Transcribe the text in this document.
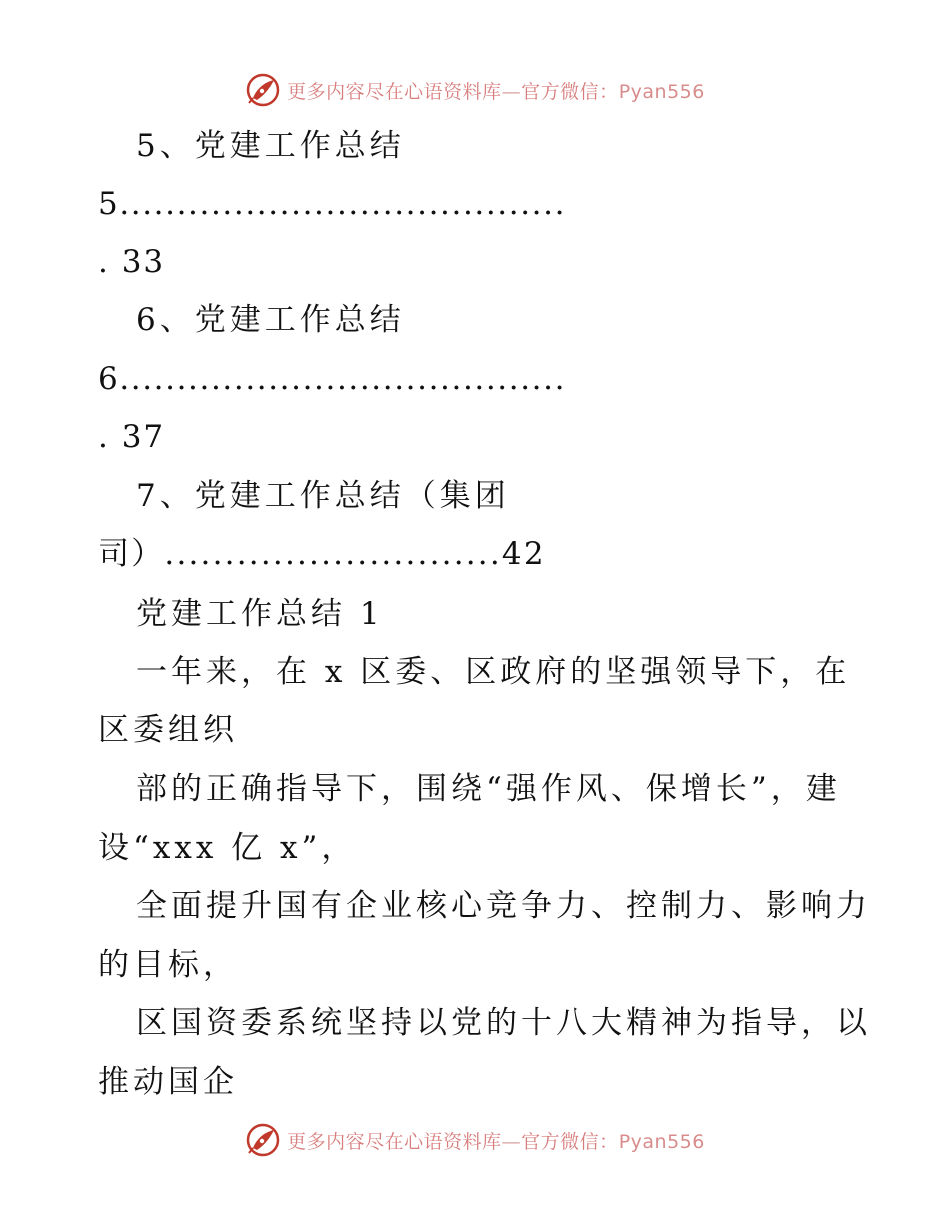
更多内容尽在心语资料库—官方微信：Pyan556
5、党建工作总结
5.......................................
. 33
6、党建工作总结
6.......................................
. 37
7、党建工作总结（集团
司）............................42
党建工作总结 1
一年来，在 x 区委、区政府的坚强领导下，在
区委组织
部的正确指导下，围绕“强作风、保增长”，建
设“xxx 亿 x”，
全面提升国有企业核心竞争力、控制力、影响力
的目标，
区国资委系统坚持以党的十八大精神为指导，以
推动国企
更多内容尽在心语资料库—官方微信：Pyan556
